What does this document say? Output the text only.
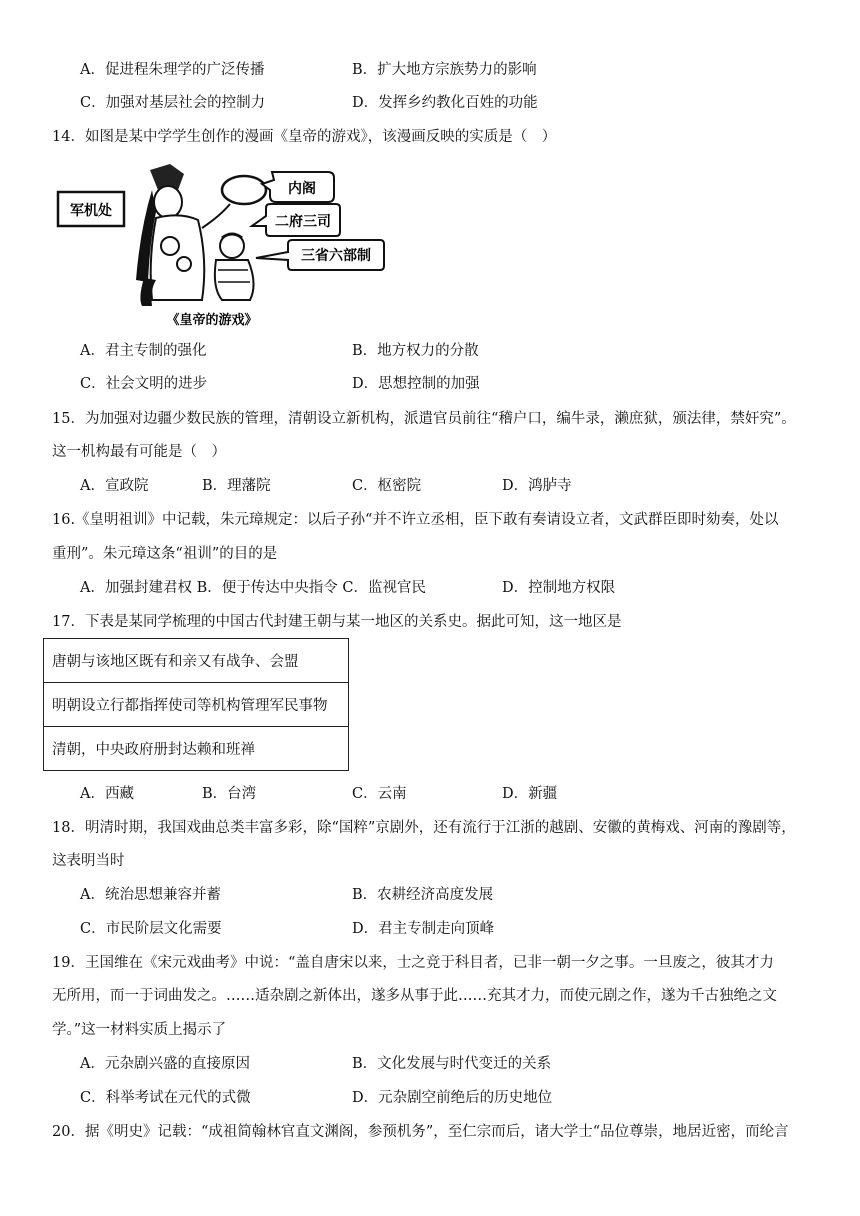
A．促进程朱理学的广泛传播	B．扩大地方宗族势力的影响
C．加强对基层社会的控制力	D．发挥乡约教化百姓的功能
14．如图是某中学学生创作的漫画《皇帝的游戏》，该漫画反映的实质是（　）
军机处
内阁
二府三司
三省六部制
《皇帝的游戏》
A．君主专制的强化	B．地方权力的分散
C．社会文明的进步	D．思想控制的加强
15．为加强对边疆少数民族的管理，清朝设立新机构，派遣官员前往“稽户口，编牛录，濑庶狱，颁法律，禁奸究”。
这一机构最有可能是（　）
A．宣政院	B．理藩院	C．枢密院	D．鸿胪寺
16.《皇明祖训》中记载，朱元璋规定：以后子孙“并不许立丞相，臣下敢有奏请设立者，文武群臣即时劾奏，处以
重刑”。朱元璋这条“祖训”的目的是
A．加强封建君权 B．便于传达中央指令 C．监视官民	D．控制地方权限
17．下表是某同学梳理的中国古代封建王朝与某一地区的关系史。据此可知，这一地区是
唐朝与该地区既有和亲又有战争、会盟
明朝设立行都指挥使司等机构管理军民事物
清朝，中央政府册封达赖和班禅
A．西藏	B．台湾	C．云南	D．新疆
18．明清时期，我国戏曲总类丰富多彩，除“国粹”京剧外，还有流行于江浙的越剧、安徽的黄梅戏、河南的豫剧等，
这表明当时
A．统治思想兼容并蓄	B．农耕经济高度发展
C．市民阶层文化需要	D．君主专制走向顶峰
19．王国维在《宋元戏曲考》中说：“盖自唐宋以来，士之竞于科目者，已非一朝一夕之事。一旦废之，彼其才力
无所用，而一于词曲发之。……适杂剧之新体出，遂多从事于此……充其才力，而使元剧之作，遂为千古独绝之文
学。”这一材料实质上揭示了
A．元杂剧兴盛的直接原因	B．文化发展与时代变迁的关系
C．科举考试在元代的式微	D．元杂剧空前绝后的历史地位
20．据《明史》记载：“成祖简翰林官直文渊阁，参预机务”，至仁宗而后，诸大学士“品位尊崇，地居近密，而纶言
